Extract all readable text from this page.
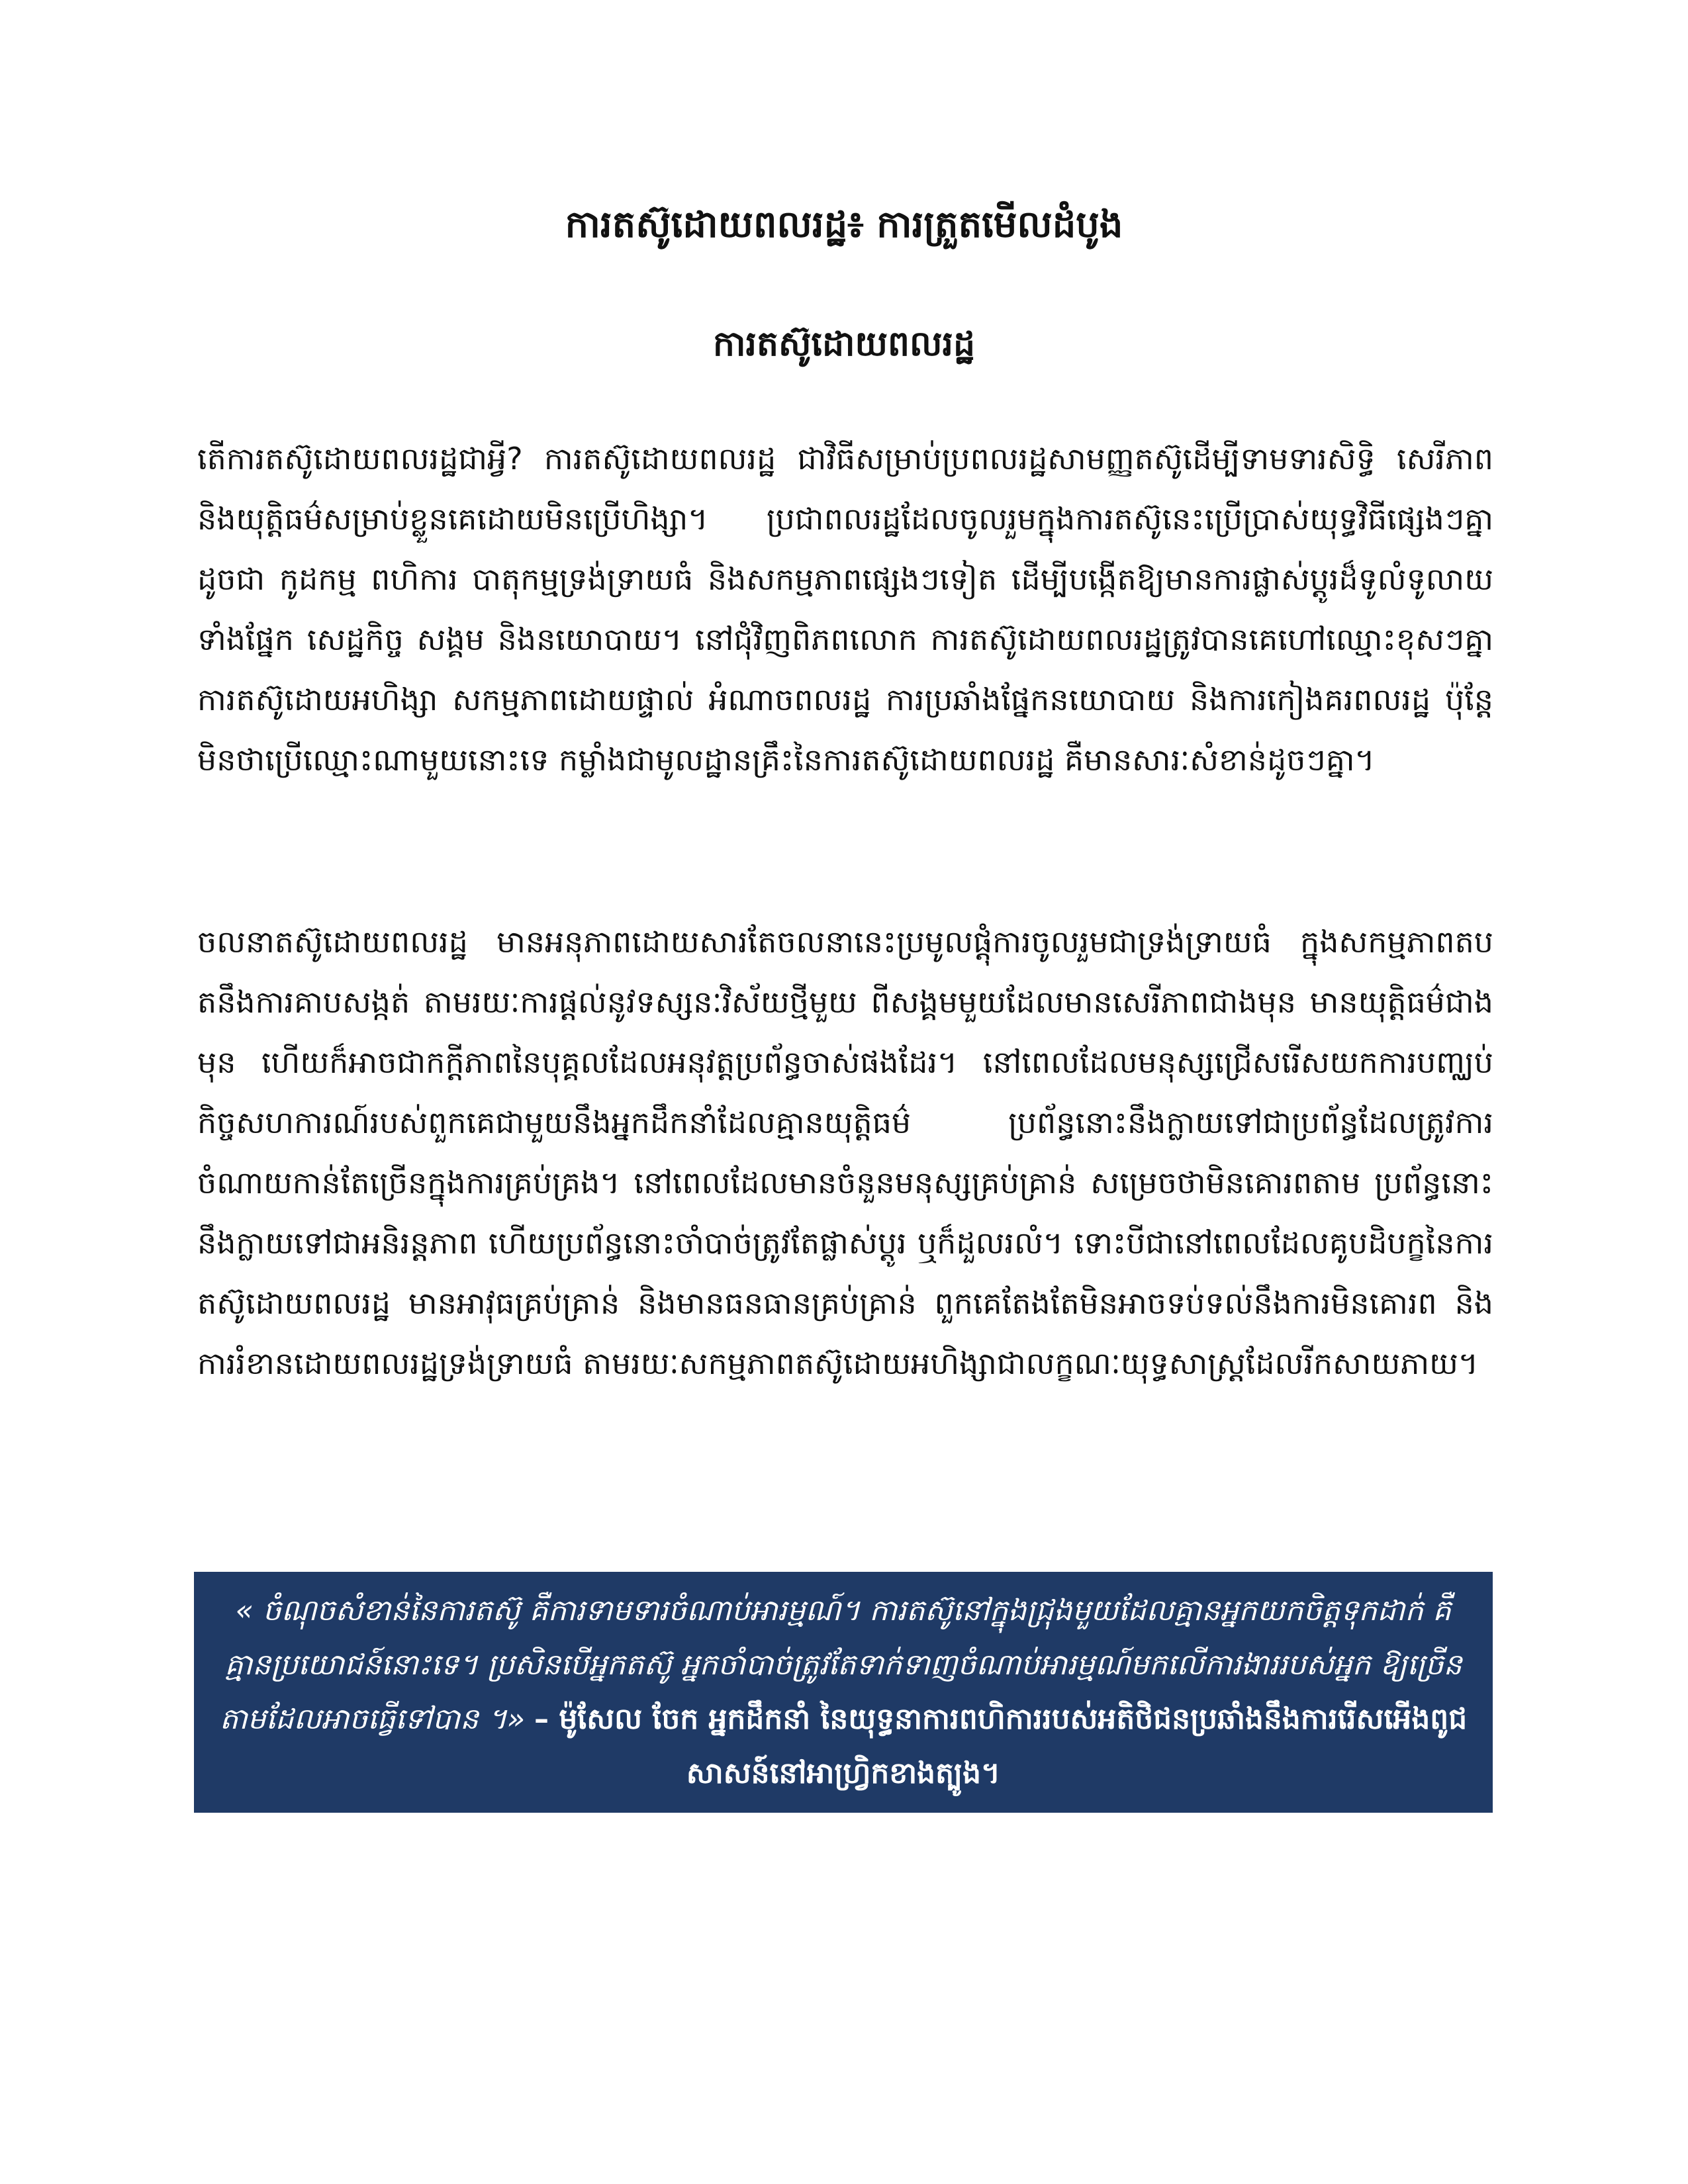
ការតស៊ូដោយពលរដ្ឋ៖ ការត្រួតមើលដំបូង
ការតស៊ូដោយពលរដ្ឋ
តើការតស៊ូដោយពលរដ្ឋជាអ្វី? ការតស៊ូដោយពលរដ្ឋ ជាវិធីសម្រាប់ប្រពលរដ្ឋសាមញ្ញតស៊ូដើម្បីទាមទារសិទ្ធិ សេរីភាព និងយុត្តិធម៌សម្រាប់ខ្លួនគេដោយមិនប្រើហិង្សា។ ប្រជាពលរដ្ឋដែលចូលរួមក្នុងការតស៊ូនេះប្រើប្រាស់យុទ្ធវិធីផ្សេងៗគ្នា ដូចជា កូដកម្ម ពហិការ បាតុកម្មទ្រង់ទ្រាយធំ និងសកម្មភាពផ្សេងៗទៀត ដើម្បីបង្កើតឱ្យមានការផ្លាស់ប្តូរដ៏ទូលំទូលាយទាំងផ្នែក សេដ្ឋកិច្ច សង្គម និងនយោបាយ។ នៅជុំវិញពិភពលោក ការតស៊ូដោយពលរដ្ឋត្រូវបានគេហៅឈ្មោះខុសៗគ្នា ការតស៊ូដោយអហិង្សា សកម្មភាពដោយផ្ទាល់ អំណាចពលរដ្ឋ ការប្រឆាំងផ្នែកនយោបាយ និងការកៀងគរពលរដ្ឋ ប៉ុន្តែមិនថាប្រើឈ្មោះណាមួយនោះទេ កម្លាំងជាមូលដ្ឋានគ្រឹះនៃការតស៊ូដោយពលរដ្ឋ គឺមានសារៈសំខាន់ដូចៗគ្នា។
ចលនាតស៊ូដោយពលរដ្ឋ មានអនុភាពដោយសារតែចលនានេះប្រមូលផ្តុំការចូលរួមជាទ្រង់ទ្រាយធំ ក្នុងសកម្មភាពតបតនឹងការគាបសង្កត់ តាមរយៈការផ្តល់នូវទស្សនៈវិស័យថ្មីមួយ ពីសង្គមមួយដែលមានសេរីភាពជាងមុន មានយុត្តិធម៌ជាងមុន ហើយក៏អាចជាកក្តីភាពនៃបុគ្គលដែលអនុវត្តប្រព័ន្ធចាស់ផងដែរ។ នៅពេលដែលមនុស្សជ្រើសរើសយកការបញ្ឈប់កិច្ចសហការណ៍របស់ពួកគេជាមួយនឹងអ្នកដឹកនាំដែលគ្មានយុត្តិធម៌ ប្រព័ន្ធនោះនឹងក្លាយទៅជាប្រព័ន្ធដែលត្រូវការចំណាយកាន់តែច្រើនក្នុងការគ្រប់គ្រង។ នៅពេលដែលមានចំនួនមនុស្សគ្រប់គ្រាន់ សម្រេចថាមិនគោរពតាម ប្រព័ន្ធនោះនឹងក្លាយទៅជាអនិរន្តភាព ហើយប្រព័ន្ធនោះចាំបាច់ត្រូវតែផ្លាស់ប្តូរ ឬក៏ដួលរលំ។ ទោះបីជានៅពេលដែលគូបដិបក្ខនៃការតស៊ូដោយពលរដ្ឋ មានអាវុធគ្រប់គ្រាន់ និងមានធនធានគ្រប់គ្រាន់ ពួកគេតែងតែមិនអាចទប់ទល់នឹងការមិនគោរព និងការរំខានដោយពលរដ្ឋទ្រង់ទ្រាយធំ តាមរយៈសកម្មភាពតស៊ូដោយអហិង្សាជាលក្ខណៈយុទ្ធសាស្ត្រដែលរីកសាយភាយ។
« ចំណុចសំខាន់នៃការតស៊ូ គឺការទាមទារចំណាប់អារម្មណ៍។ ការតស៊ូនៅក្នុងជ្រុងមួយដែលគ្មានអ្នកយកចិត្តទុកដាក់ គឺគ្មានប្រយោជន៍នោះទេ។ ប្រសិនបើអ្នកតស៊ូ អ្នកចាំបាច់ត្រូវតែទាក់ទាញចំណាប់អារម្មណ៍មកលើការងាររបស់អ្នក ឱ្យច្រើនតាមដែលអាចធ្វើទៅបាន ។» – ម៉ូសែល ចែក អ្នកដឹកនាំ នៃយុទ្ធនាការពហិការរបស់អតិថិជនប្រឆាំងនឹងការរើសអើងពូជសាសន៍នៅអាហ្វ្រិកខាងត្បូង។
